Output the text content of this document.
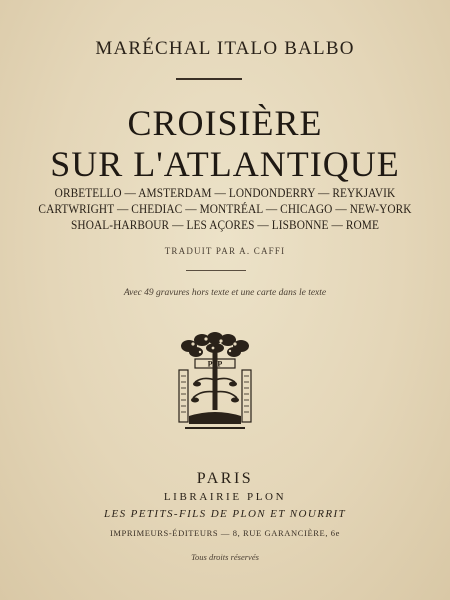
MARÉCHAL ITALO BALBO
CROISIÈRE
SUR L'ATLANTIQUE
ORBETELLO — AMSTERDAM — LONDONDERRY — REYKJAVIK
CARTWRIGHT — CHEDIAC — MONTRÉAL — CHICAGO — NEW-YORK
SHOAL-HARBOUR — LES AÇORES — LISBONNE — ROME
TRADUIT PAR A. CAFFI
Avec 49 gravures hors texte et une carte dans le texte
PPP
PARIS
LIBRAIRIE PLON
LES PETITS-FILS DE PLON ET NOURRIT
IMPRIMEURS-ÉDITEURS — 8, RUE GARANCIÈRE, 6e
Tous droits réservés
